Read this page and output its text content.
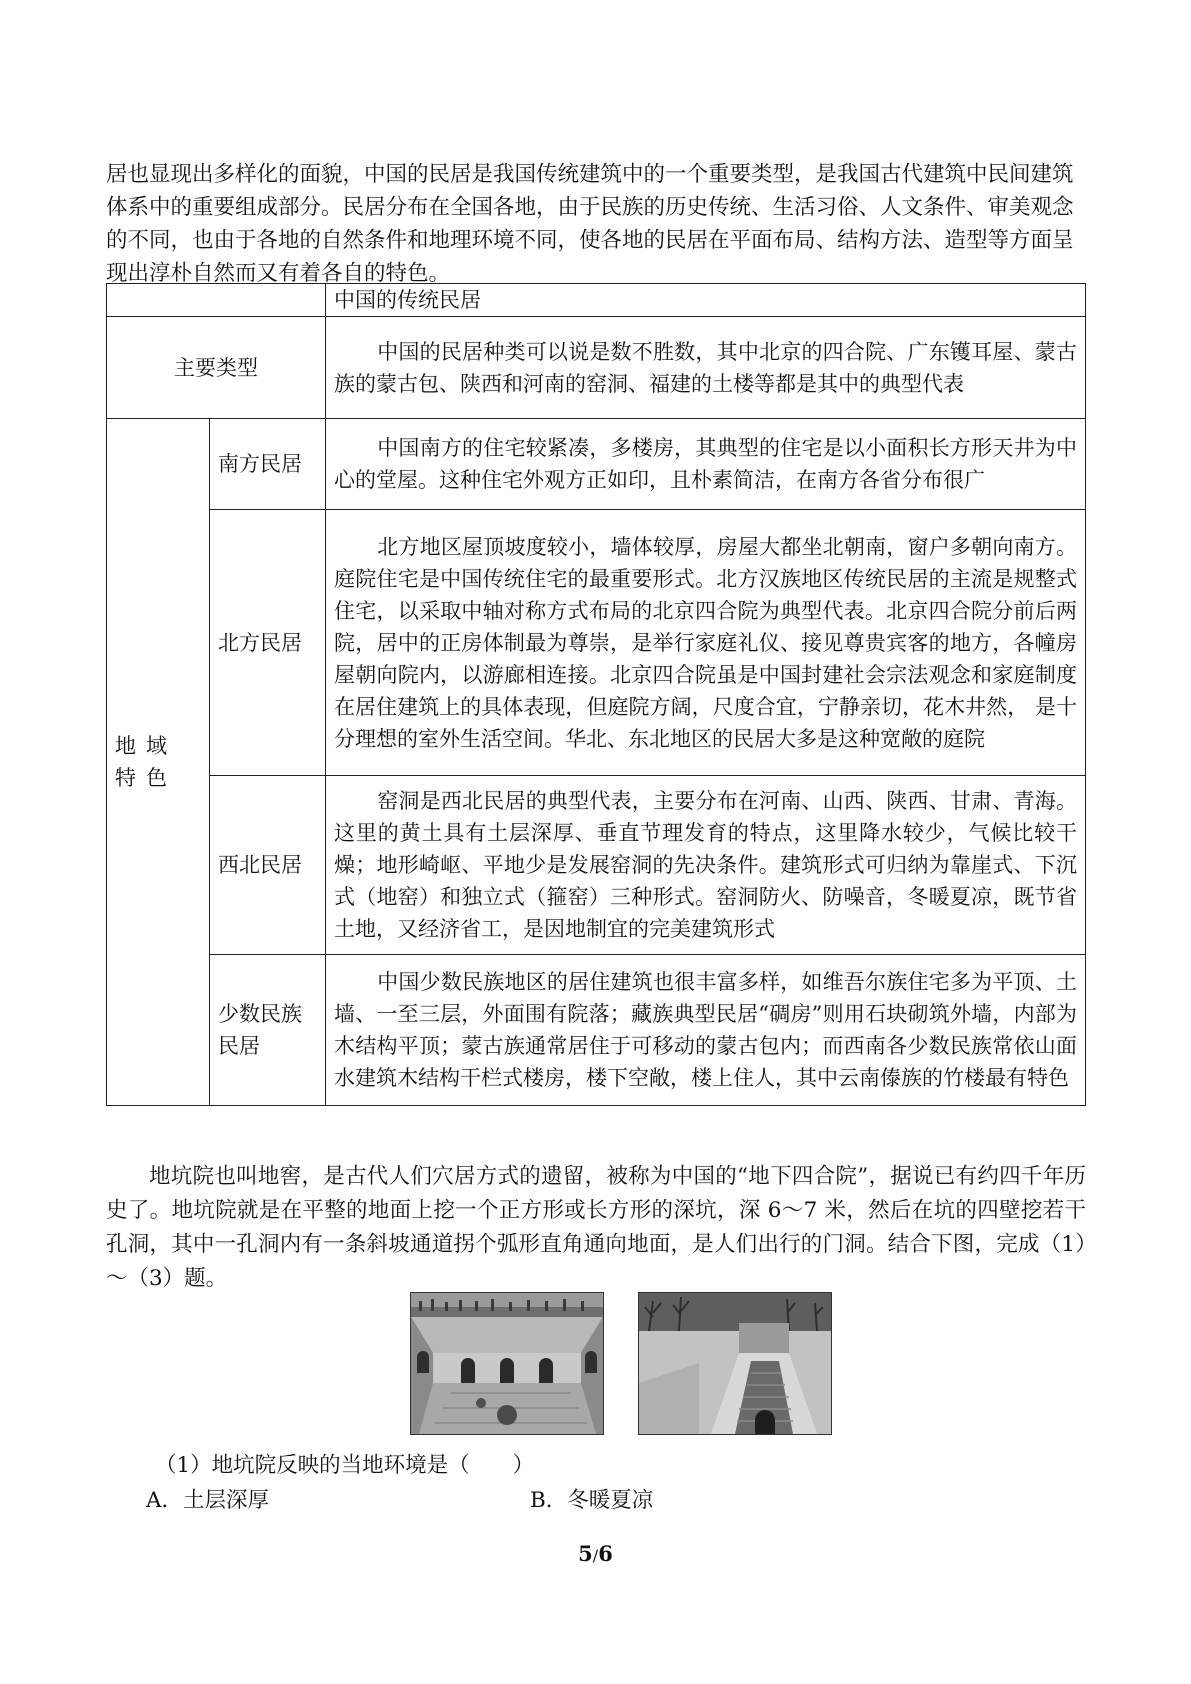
居也显现出多样化的面貌，中国的民居是我国传统建筑中的一个重要类型，是我国古代建筑中民间建筑体系中的重要组成部分。民居分布在全国各地，由于民族的历史传统、生活习俗、人文条件、审美观念的不同，也由于各地的自然条件和地理环境不同，使各地的民居在平面布局、结构方法、造型等方面呈现出淳朴自然而又有着各自的特色。

		中国的传统民居
主要类型		中国的民居种类可以说是数不胜数，其中北京的四合院、广东镬耳屋、蒙古族的蒙古包、陕西和河南的窑洞、福建的土楼等都是其中的典型代表
地域特色	南方民居	中国南方的住宅较紧凑，多楼房，其典型的住宅是以小面积长方形天井为中心的堂屋。这种住宅外观方正如印，且朴素简洁，在南方各省分布很广
	北方民居	北方地区屋顶坡度较小，墙体较厚，房屋大都坐北朝南，窗户多朝向南方。庭院住宅是中国传统住宅的最重要形式。北方汉族地区传统民居的主流是规整式住宅，以采取中轴对称方式布局的北京四合院为典型代表。北京四合院分前后两院，居中的正房体制最为尊崇，是举行家庭礼仪、接见尊贵宾客的地方，各幢房屋朝向院内，以游廊相连接。北京四合院虽是中国封建社会宗法观念和家庭制度在居住建筑上的具体表现，但庭院方阔，尺度合宜，宁静亲切，花木井然， 是十分理想的室外生活空间。华北、东北地区的民居大多是这种宽敞的庭院
	西北民居	窑洞是西北民居的典型代表，主要分布在河南、山西、陕西、甘肃、青海。这里的黄土具有土层深厚、垂直节理发育的特点，这里降水较少，气候比较干燥；地形崎岖、平地少是发展窑洞的先决条件。建筑形式可归纳为靠崖式、下沉式（地窑）和独立式（箍窑）三种形式。窑洞防火、防噪音，冬暖夏凉，既节省土地，又经济省工，是因地制宜的完美建筑形式
	少数民族民居	中国少数民族地区的居住建筑也很丰富多样，如维吾尔族住宅多为平顶、土墙、一至三层，外面围有院落；藏族典型民居“碉房”则用石块砌筑外墙，内部为木结构平顶；蒙古族通常居住于可移动的蒙古包内；而西南各少数民族常依山面水建筑木结构干栏式楼房，楼下空敞，楼上住人，其中云南傣族的竹楼最有特色

地坑院也叫地窖，是古代人们穴居方式的遗留，被称为中国的“地下四合院”，据说已有约四千年历史了。地坑院就是在平整的地面上挖一个正方形或长方形的深坑，深 6～7 米，然后在坑的四壁挖若干孔洞，其中一孔洞内有一条斜坡通道拐个弧形直角通向地面，是人们出行的门洞。结合下图，完成（1）～（3）题。

（1）地坑院反映的当地环境是（　　）

A．土层深厚	B．冬暖夏凉

5/6
